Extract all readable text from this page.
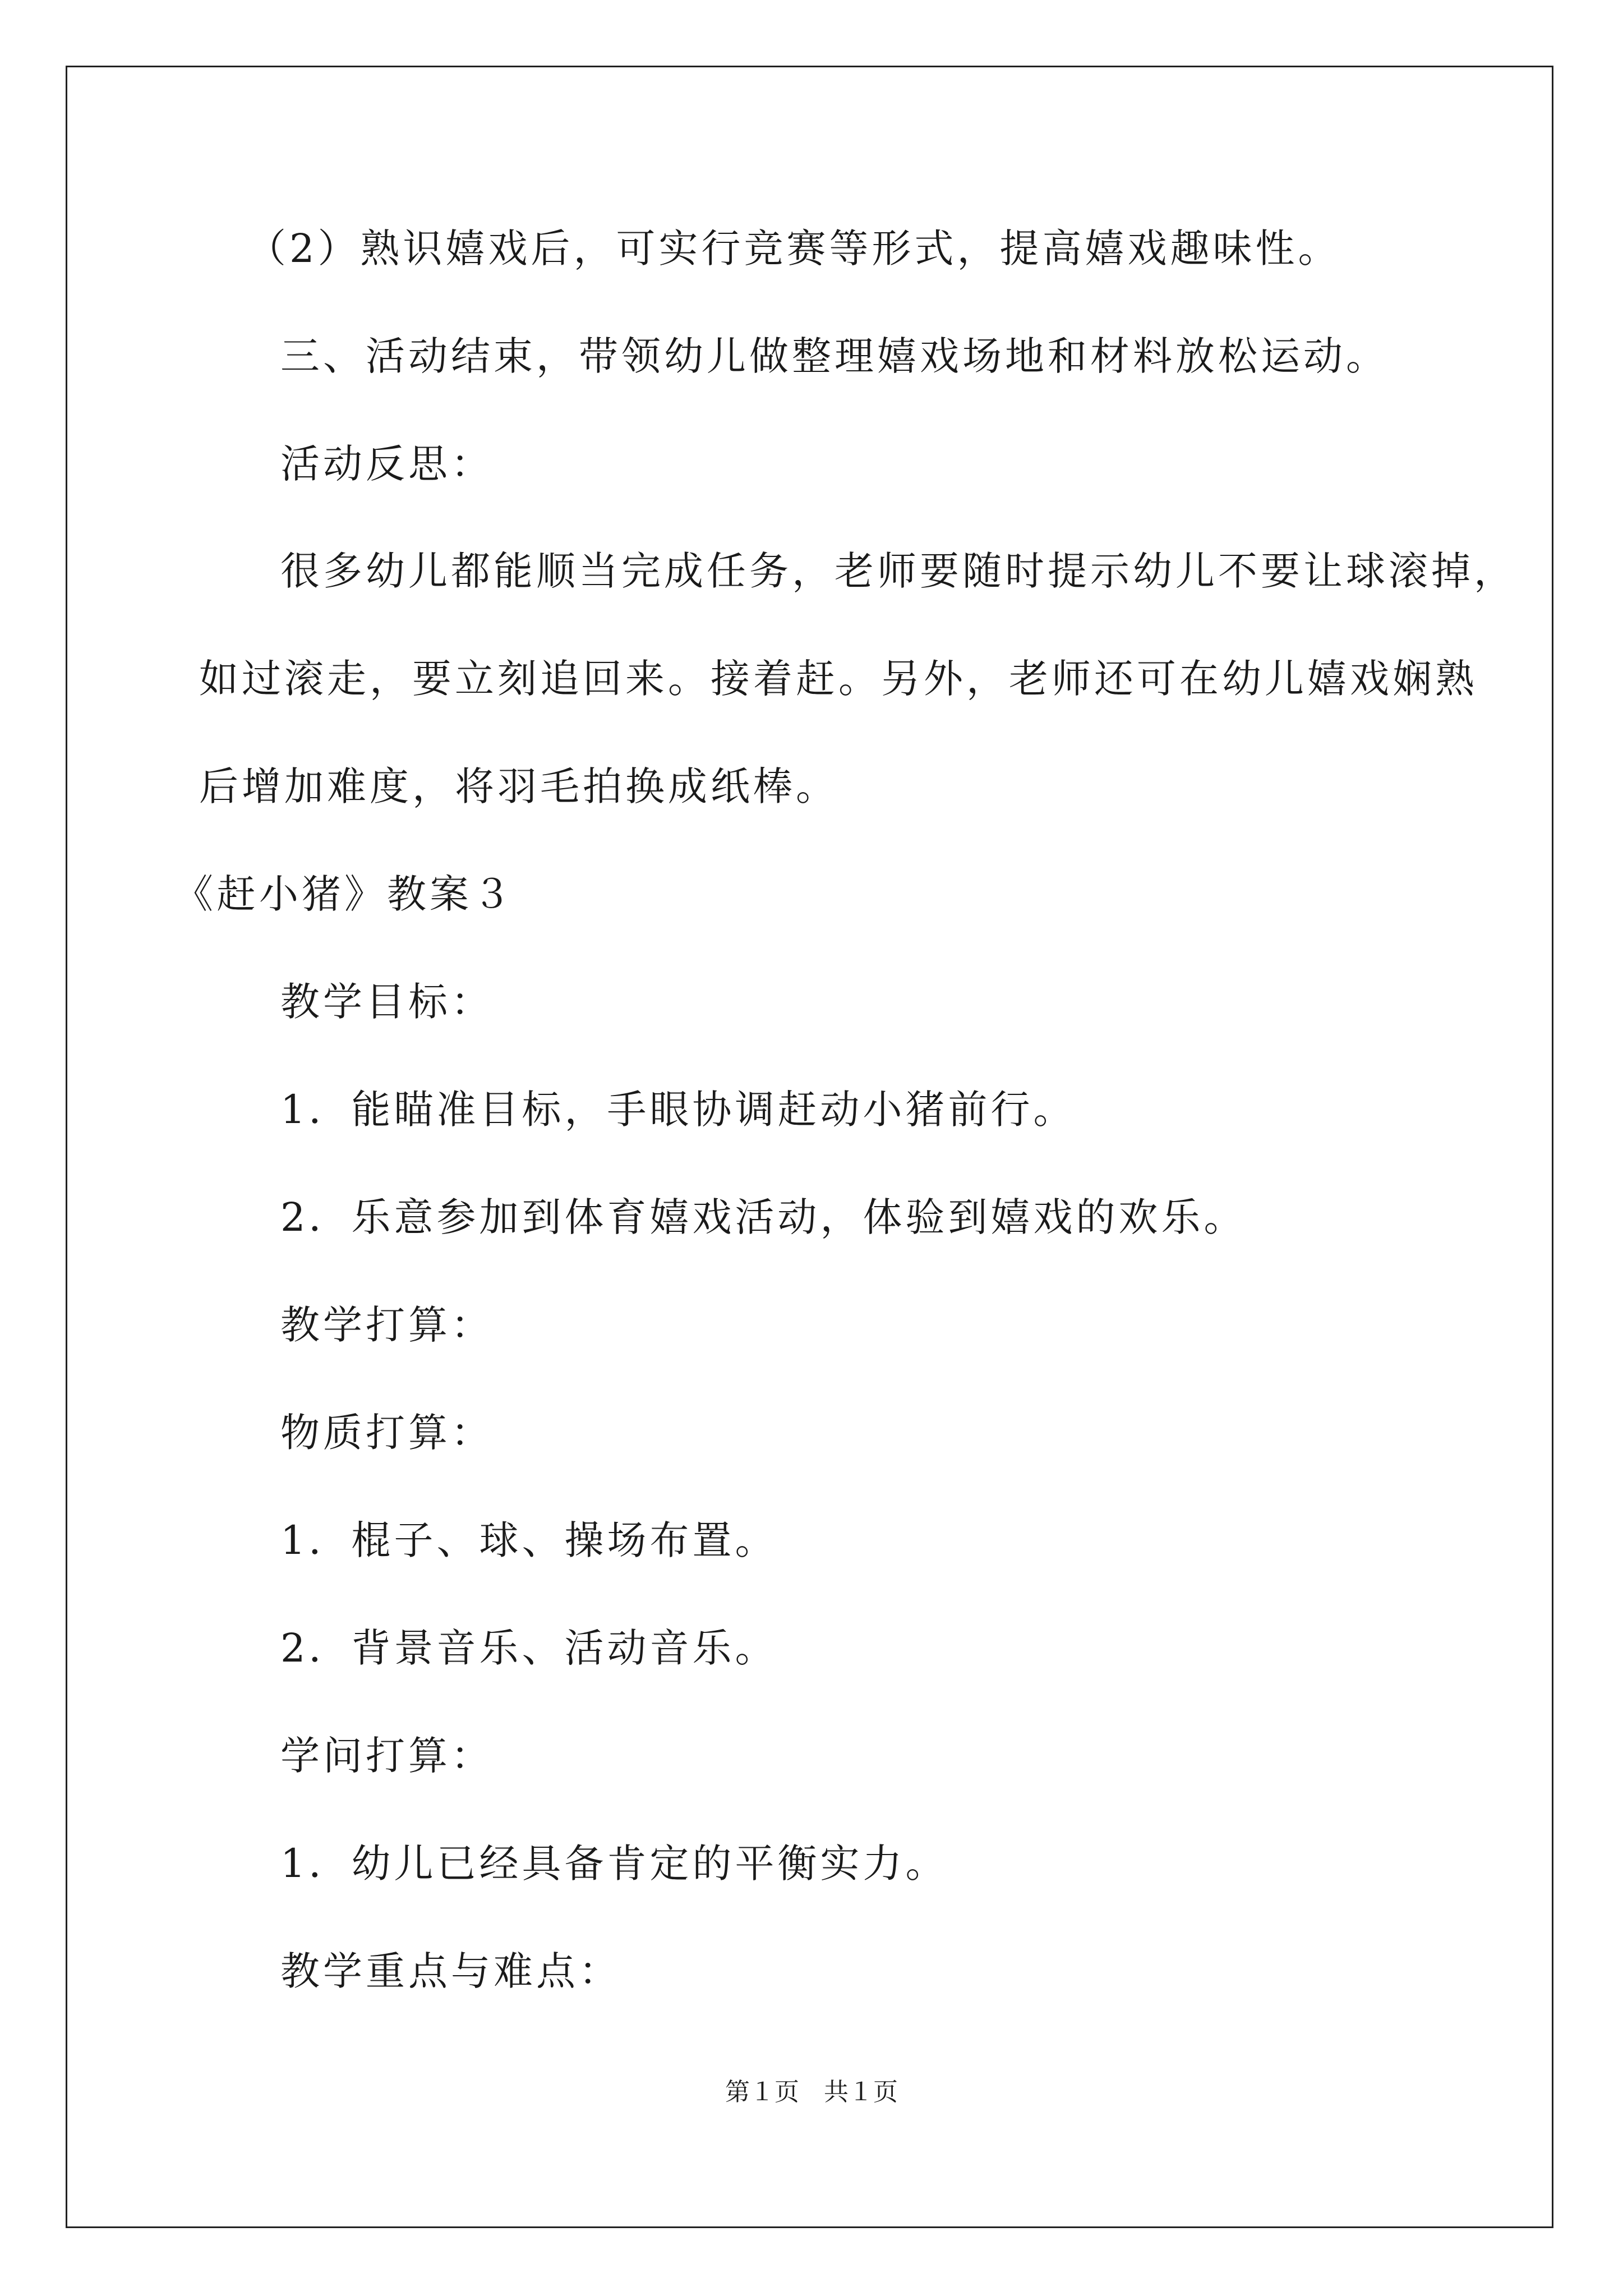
（2）熟识嬉戏后，可实行竞赛等形式，提高嬉戏趣味性。
三、活动结束，带领幼儿做整理嬉戏场地和材料放松运动。
活动反思：
很多幼儿都能顺当完成任务，老师要随时提示幼儿不要让球滚掉，
如过滚走，要立刻追回来。接着赶。另外，老师还可在幼儿嬉戏娴熟
后增加难度，将羽毛拍换成纸棒。
《赶小猪》教案３
教学目标：
1．能瞄准目标，手眼协调赶动小猪前行。
2．乐意参加到体育嬉戏活动，体验到嬉戏的欢乐。
教学打算：
物质打算：
1．棍子、球、操场布置。
2．背景音乐、活动音乐。
学问打算：
1．幼儿已经具备肯定的平衡实力。
教学重点与难点：
第１页　共１页
